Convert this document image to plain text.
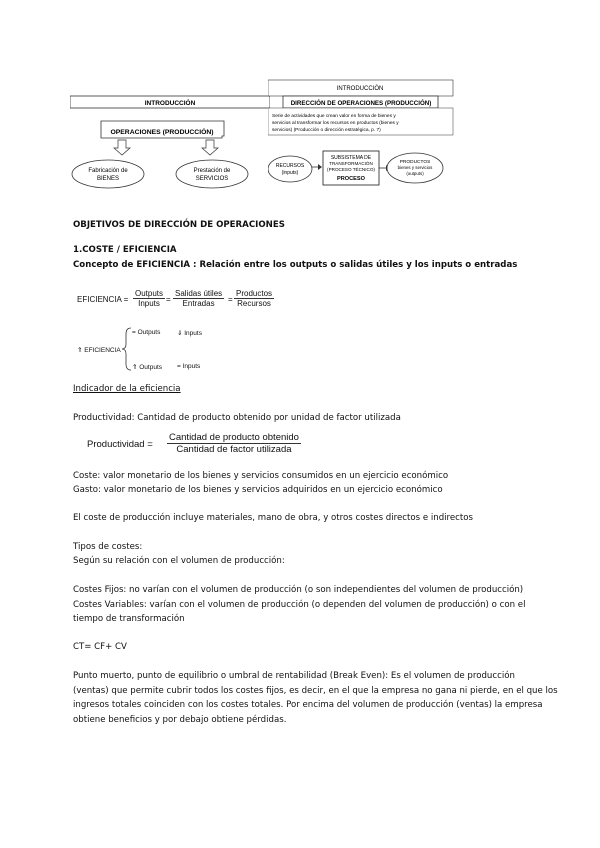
INTRODUCCIÓN
OPERACIONES (PRODUCCIÓN)
Fabricación de
BIENES
Prestación de
SERVICIOS
INTRODUCCIÓN
DIRECCIÓN DE OPERACIONES (PRODUCCIÓN)
Serie de actividades que crean valor en forma de bienes y
servicios al transformar los recursos en productos (bienes y
servicios) (Producción o dirección estratégica, p. 7)
RECURSOS
(inputs)
SUBSISTEMA DE
TRANSFORMACIÓN
(PROCESO TÉCNICO)
PROCESO
PRODUCTOS
bienes y servicios
(outputs)
OBJETIVOS DE DIRECCIÓN DE OPERACIONES
1.COSTE / EFICIENCIA
Concepto de EFICIENCIA : Relación entre los outputs o salidas útiles y los inputs o entradas
EFICIENCIA =
Outputs
Inputs =
Salidas útiles
Entradas =
Productos
Recursos
⇑ EFICIENCIA
= Outputs	⇓ Inputs
⇑ Outputs = Inputs
Indicador de la eficiencia
Productividad: Cantidad de producto obtenido por unidad de factor utilizada
Productividad =
Cantidad de producto obtenido
Cantidad de factor utilizada
Coste: valor monetario de los bienes y servicios consumidos en un ejercicio económico
Gasto: valor monetario de los bienes y servicios adquiridos en un ejercicio económico
El coste de producción incluye materiales, mano de obra, y otros costes directos e indirectos
Tipos de costes:
Según su relación con el volumen de producción:
Costes Fijos: no varían con el volumen de producción (o son independientes del volumen de producción)
Costes Variables: varían con el volumen de producción (o dependen del volumen de producción) o con el
tiempo de transformación
CT= CF+ CV
Punto muerto, punto de equilibrio o umbral de rentabilidad (Break Even): Es el volumen de producción
(ventas) que permite cubrir todos los costes fijos, es decir, en el que la empresa no gana ni pierde, en el que los
ingresos totales coinciden con los costes totales. Por encima del volumen de producción (ventas) la empresa
obtiene beneficios y por debajo obtiene pérdidas.
